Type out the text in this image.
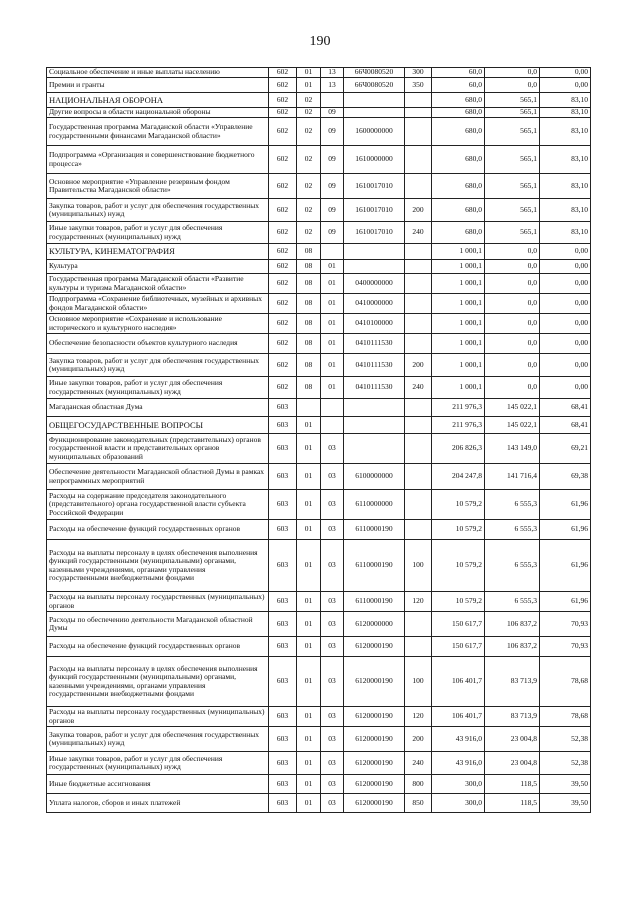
190
Социальное обеспечение и иные выплаты населению	602	01	13	66Ч0080520	300	60,0	0,0	0,00
Премии и гранты	602	01	13	66Ч0080520	350	60,0	0,0	0,00
НАЦИОНАЛЬНАЯ ОБОРОНА	602	02				680,0	565,1	83,10
Другие вопросы в области национальной обороны	602	02	09			680,0	565,1	83,10
Государственная программа Магаданской области «Управление государственными финансами Магаданской области»	602	02	09	1600000000		680,0	565,1	83,10
Подпрограмма «Организация и совершенствование бюджетного процесса»	602	02	09	1610000000		680,0	565,1	83,10
Основное мероприятие «Управление резервным фондом Правительства Магаданской области»	602	02	09	1610017010		680,0	565,1	83,10
Закупка товаров, работ и услуг для обеспечения государственных (муниципальных) нужд	602	02	09	1610017010	200	680,0	565,1	83,10
Иные закупки товаров, работ и услуг для обеспечения государственных (муниципальных) нужд	602	02	09	1610017010	240	680,0	565,1	83,10
КУЛЬТУРА, КИНЕМАТОГРАФИЯ	602	08				1 000,1	0,0	0,00
Культура	602	08	01			1 000,1	0,0	0,00
Государственная программа Магаданской области «Развитие культуры и туризма Магаданской области»	602	08	01	0400000000		1 000,1	0,0	0,00
Подпрограмма «Сохранение библиотечных, музейных и архивных фондов Магаданской области»	602	08	01	0410000000		1 000,1	0,0	0,00
Основное мероприятие «Сохранение и использование исторического и культурного наследия»	602	08	01	0410100000		1 000,1	0,0	0,00
Обеспечение безопасности объектов культурного наследия	602	08	01	0410111530		1 000,1	0,0	0,00
Закупка товаров, работ и услуг для обеспечения государственных (муниципальных) нужд	602	08	01	0410111530	200	1 000,1	0,0	0,00
Иные закупки товаров, работ и услуг для обеспечения государственных (муниципальных) нужд	602	08	01	0410111530	240	1 000,1	0,0	0,00
Магаданская областная Дума	603					211 976,3	145 022,1	68,41
ОБЩЕГОСУДАРСТВЕННЫЕ ВОПРОСЫ	603	01				211 976,3	145 022,1	68,41
Функционирование законодательных (представительных) органов государственной власти и представительных органов муниципальных образований	603	01	03			206 826,3	143 149,0	69,21
Обеспечение деятельности Магаданской областной Думы в рамках непрограммных мероприятий	603	01	03	6100000000		204 247,8	141 716,4	69,38
Расходы на содержание председателя законодательного (представительного) органа государственной власти субъекта Российской Федерации	603	01	03	6110000000		10 579,2	6 555,3	61,96
Расходы на обеспечение функций государственных органов	603	01	03	6110000190		10 579,2	6 555,3	61,96
Расходы на выплаты персоналу в целях обеспечения выполнения функций государственными (муниципальными) органами, казенными учреждениями, органами управления государственными внебюджетными фондами	603	01	03	6110000190	100	10 579,2	6 555,3	61,96
Расходы на выплаты персоналу государственных (муниципальных) органов	603	01	03	6110000190	120	10 579,2	6 555,3	61,96
Расходы по обеспечению деятельности Магаданской областной Думы	603	01	03	6120000000		150 617,7	106 837,2	70,93
Расходы на обеспечение функций государственных органов	603	01	03	6120000190		150 617,7	106 837,2	70,93
Расходы на выплаты персоналу в целях обеспечения выполнения функций государственными (муниципальными) органами, казенными учреждениями, органами управления государственными внебюджетными фондами	603	01	03	6120000190	100	106 401,7	83 713,9	78,68
Расходы на выплаты персоналу государственных (муниципальных) органов	603	01	03	6120000190	120	106 401,7	83 713,9	78,68
Закупка товаров, работ и услуг для обеспечения государственных (муниципальных) нужд	603	01	03	6120000190	200	43 916,0	23 004,8	52,38
Иные закупки товаров, работ и услуг для обеспечения государственных (муниципальных) нужд	603	01	03	6120000190	240	43 916,0	23 004,8	52,38
Иные бюджетные ассигнования	603	01	03	6120000190	800	300,0	118,5	39,50
Уплата налогов, сборов и иных платежей	603	01	03	6120000190	850	300,0	118,5	39,50
